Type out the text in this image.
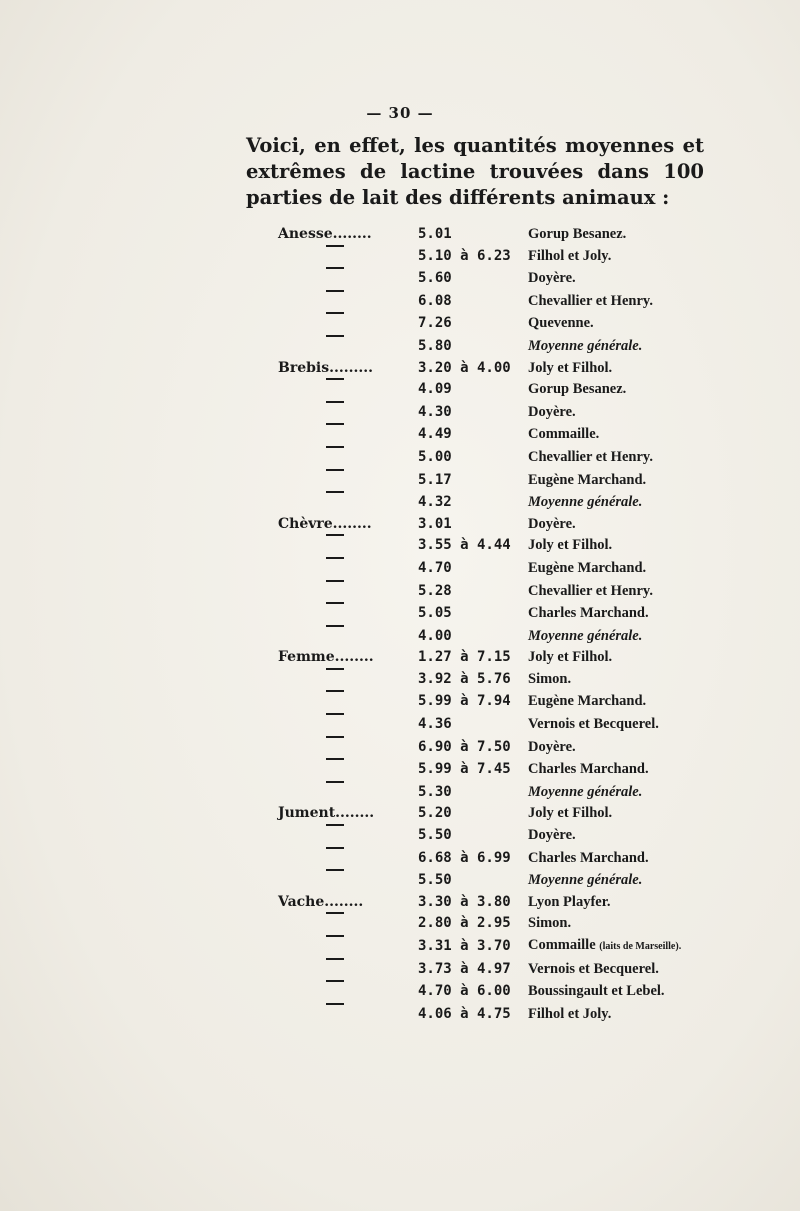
— 30 —
Voici, en effet, les quantités moyennes et extrêmes de lactine trouvées dans 100 parties de lait des différents animaux :
Anesse........	5.01	Gorup Besanez.
	5.10 à 6.23	Filhol et Joly.
	5.60	Doyère.
	6.08	Chevallier et Henry.
	7.26	Quevenne.
	5.80	Moyenne générale.
Brebis.........	3.20 à 4.00	Joly et Filhol.
	4.09	Gorup Besanez.
	4.30	Doyère.
	4.49	Commaille.
	5.00	Chevallier et Henry.
	5.17	Eugène Marchand.
	4.32	Moyenne générale.
Chèvre........	3.01	Doyère.
	3.55 à 4.44	Joly et Filhol.
	4.70	Eugène Marchand.
	5.28	Chevallier et Henry.
	5.05	Charles Marchand.
	4.00	Moyenne générale.
Femme........	1.27 à 7.15	Joly et Filhol.
	3.92 à 5.76	Simon.
	5.99 à 7.94	Eugène Marchand.
	4.36	Vernois et Becquerel.
	6.90 à 7.50	Doyère.
	5.99 à 7.45	Charles Marchand.
	5.30	Moyenne générale.
Jument........	5.20	Joly et Filhol.
	5.50	Doyère.
	6.68 à 6.99	Charles Marchand.
	5.50	Moyenne générale.
Vache........	3.30 à 3.80	Lyon Playfer.
	2.80 à 2.95	Simon.
	3.31 à 3.70	Commaille (laits de Marseille).
	3.73 à 4.97	Vernois et Becquerel.
	4.70 à 6.00	Boussingault et Lebel.
	4.06 à 4.75	Filhol et Joly.
